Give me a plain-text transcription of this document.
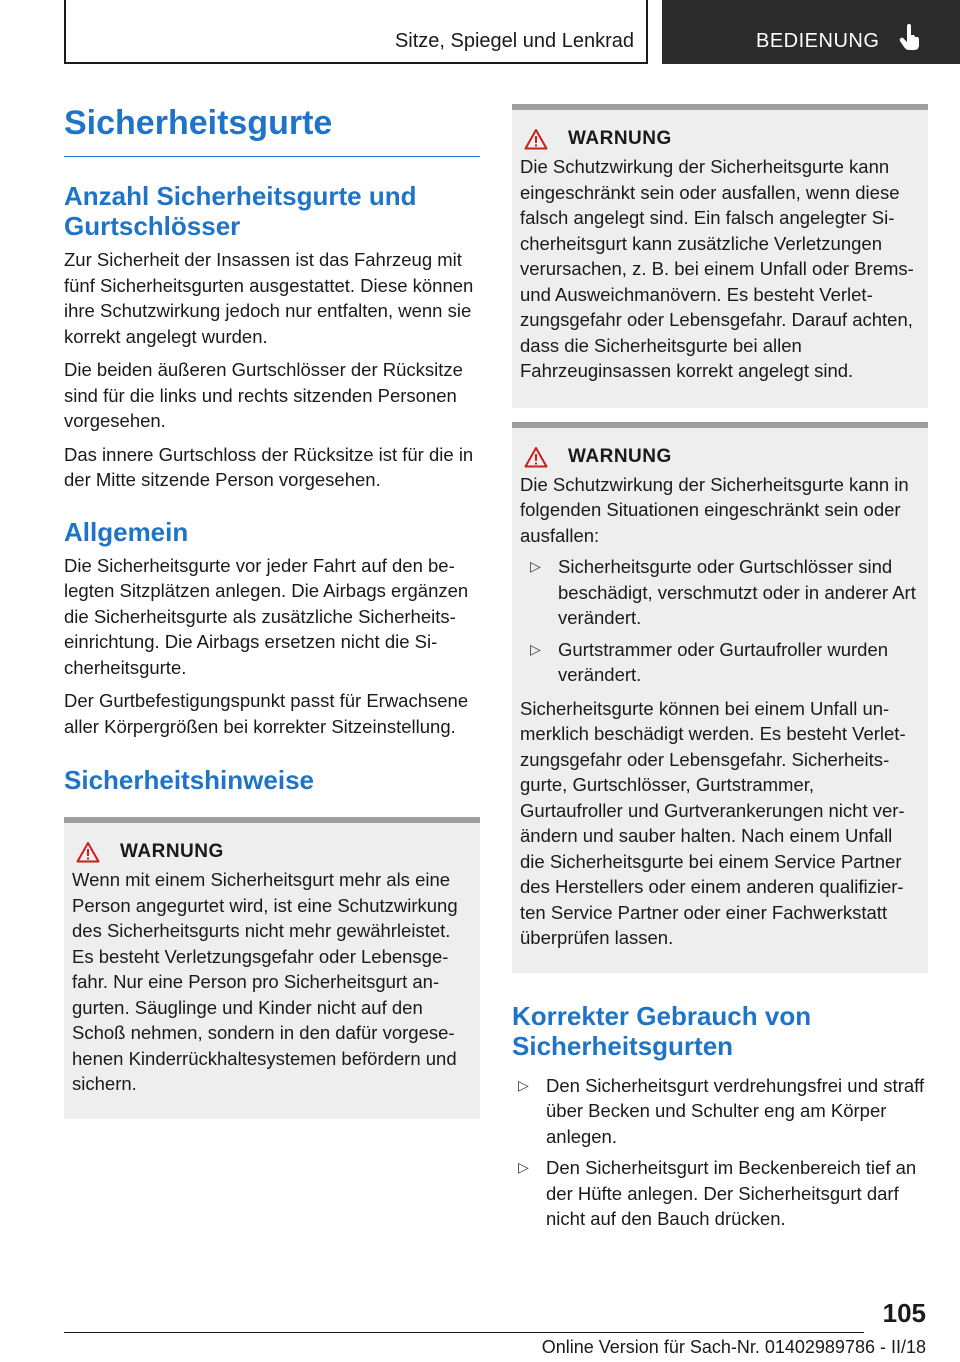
Sitze, Spiegel und Lenkrad	BEDIENUNG
Sicherheitsgurte
Anzahl Sicherheitsgurte und Gurtschlösser

Zur Sicherheit der Insassen ist das Fahrzeug mit fünf Sicherheitsgurten ausgestattet. Diese können ihre Schutzwirkung jedoch nur entfalten, wenn sie korrekt angelegt wurden.

Die beiden äußeren Gurtschlösser der Rücksitze sind für die links und rechts sitzenden Personen vorgesehen.

Das innere Gurtschloss der Rücksitze ist für die in der Mitte sitzende Person vorgesehen.

Allgemein

Die Sicherheitsgurte vor jeder Fahrt auf den belegten Sitzplätzen anlegen. Die Airbags ergänzen die Sicherheitsgurte als zusätzliche Sicherheitseinrichtung. Die Airbags ersetzen nicht die Sicherheitsgurte.

Der Gurtbefestigungspunkt passt für Erwachsene aller Körpergrößen bei korrekter Sitzeinstellung.

Sicherheitshinweise
WARNUNG

Wenn mit einem Sicherheitsgurt mehr als eine Person angegurtet wird, ist eine Schutzwirkung des Sicherheitsgurts nicht mehr gewährleistet. Es besteht Verletzungsgefahr oder Lebensgefahr. Nur eine Person pro Sicherheitsgurt angurten. Säuglinge und Kinder nicht auf den Schoß nehmen, sondern in den dafür vorgesehenen Kinderrückhaltesystemen befördern und sichern.

WARNUNG

Die Schutzwirkung der Sicherheitsgurte kann eingeschränkt sein oder ausfallen, wenn diese falsch angelegt sind. Ein falsch angelegter Sicherheitsgurt kann zusätzliche Verletzungen verursachen, z. B. bei einem Unfall oder Brems- und Ausweichmanövern. Es besteht Verletzungsgefahr oder Lebensgefahr. Darauf achten, dass die Sicherheitsgurte bei allen Fahrzeuginsassen korrekt angelegt sind.

WARNUNG

Die Schutzwirkung der Sicherheitsgurte kann in folgenden Situationen eingeschränkt sein oder ausfallen:

▷ Sicherheitsgurte oder Gurtschlösser sind beschädigt, verschmutzt oder in anderer Art verändert.
▷ Gurtstrammer oder Gurtaufroller wurden verändert.

Sicherheitsgurte können bei einem Unfall unmerklich beschädigt werden. Es besteht Verletzungsgefahr oder Lebensgefahr. Sicherheitsgurte, Gurtschlösser, Gurtstrammer, Gurtaufroller und Gurtverankerungen nicht verändern und sauber halten. Nach einem Unfall die Sicherheitsgurte bei einem Service Partner des Herstellers oder einem anderen qualifizierten Service Partner oder einer Fachwerkstatt überprüfen lassen.

Korrekter Gebrauch von Sicherheitsgurten
▷ Den Sicherheitsgurt verdrehungsfrei und straff über Becken und Schulter eng am Körper anlegen.
▷ Den Sicherheitsgurt im Beckenbereich tief an der Hüfte anlegen. Der Sicherheitsgurt darf nicht auf den Bauch drücken.
105
Online Version für Sach-Nr. 01402989786 - II/18
